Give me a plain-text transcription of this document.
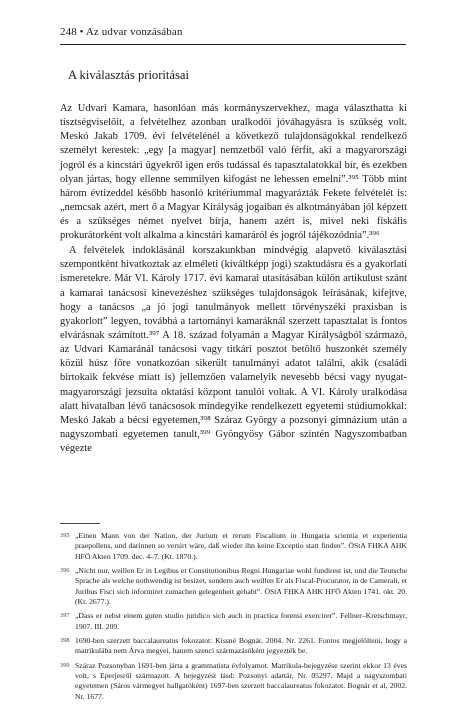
248 • Az udvar vonzásában
A kiválasztás prioritásai

Az Udvari Kamara, hasonlóan más kormányszervekhez, maga választhatta ki tisztségviselőit, a felvételhez azonban uralkodói jóváhagyásra is szükség volt. Meskó Jakab 1709. évi felvételénél a következő tulajdonságokkal rendelkező személyt kerestek: „egy [a magyar] nemzetből való férfit, aki a magyarországi jogról és a kincstári ügyekről igen erős tudással és tapasztalatokkal bír, és ezekben olyan jártas, hogy ellenne semmilyen kifogást ne lehessen emelni”.³⁹⁵ Több mint három évtizeddel később hasonló kritériummal magyarázták Fekete felvételét is: „nemcsak azért, mert ő a Magyar Királyság jogaiban és alkotmányában jól képzett és a szükséges német nyelvet bírja, hanem azért is, mivel neki fiskális prokurátorként volt alkalma a kincstári kamaráról és jogról tájékozódnia”.³⁹⁶

A felvételek indoklásánál korszakunkban mindvégig alapvető kiválasztási szempontként hivatkoztak az elméleti (kiváltképp jogi) szaktudásra és a gyakorlati ismeretekre. Már VI. Károly 1717. évi kamarai utasításában külön artikulust szánt a kamarai tanácsosi kinevezéshez szükséges tulajdonságok leírásának, kifejtve, hogy a tanácsos „a jó jogi tanulmányok mellett törvényszéki praxisban is gyakorlott” legyen, továbbá a tartományi kamaráknál szerzett tapasztalat is fontos elvárásnak számított.³⁹⁷ A 18. század folyamán a Magyar Királyságból származó, az Udvari Kamaránál tanácsosi vagy titkári posztot betöltő huszonkét személy közül húsz főre vonatkozóan sikerült tanulmányi adatot találni, akik (családi birtokaik fekvése miatt is) jellemzően valamelyik nevesebb bécsi vagy nyugat-magyarországi jezsuita oktatási központ tanulói voltak. A VI. Károly uralkodása alatt hivatalban lévő tanácsosok mindegyike rendelkezett egyetemi stúdiumokkal: Meskó Jakab a bécsi egyetemen,³⁹⁸ Száraz György a pozsonyi gimnázium után a nagyszombati egyetemen tanult,³⁹⁹ Gyöngyösy Gábor szintén Nagyszombatban végezte

395 „Einen Mann von der Nation, der Jurium et rerum Fiscalium in Hungaria scientia et experientia praepollens, und darinnen so versirt wäre, daß wieder ihn keine Exceptio statt finden”. ÖStA FHKA AHK HFÖ Akten 1709. dec. 4–7. (Kt. 1870.).
396 „Nicht nur, weillen Er in Legibus et Constitutionibus Regni Hungariae wohl fundirest ist, und die Teutsche Sprache als welche nothwendig ist besizet, sondern auch weillen Er als Fiscal-Procurator, in de Camerali, et Juribus Fisci sich informiret zumachen gelegenheit gehabt”. ÖStA FHKA AHK HFÖ Akten 1741. okt. 20. (Kt. 2677.).
397 „Dass er nebst einem guten studio juridico sich auch in practica forensi exercirer”. Fellner–Kretschmayr, 1907. III. 209.
398 1690-ben szerzett baccalaureatus fokozatot: Kissné Bognár, 2004. Nr. 2261. Fontos megjelölteni, hogy a matrikulába nem Árva megyei, hanem szenci származásúként jegyezték be.
399 Száraz Pozsonyban 1691-ben járta a grammatista évfolyamot. Matrikula-bejegyzése szerint ekkor 13 éves volt, s Eperjesről származott. A bejegyzést lásd: Pozsonyi adattár, Nr. 05297. Majd a nagyszombati egyetemen (Sáros vármegyei hallgatóként) 1697-ben szerzett baccalaureatus fokozatot. Bognár et al, 2002. Nr. 1677.
